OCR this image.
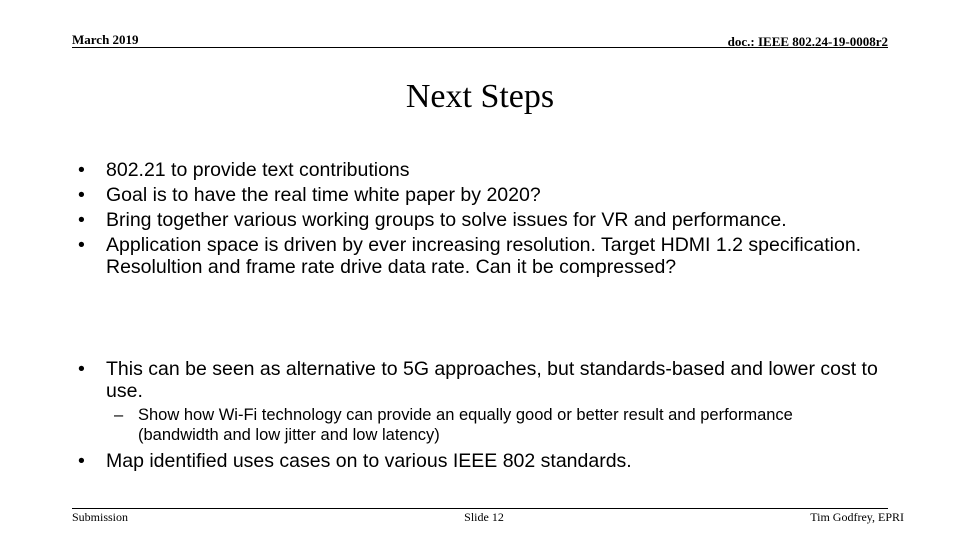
March 2019	doc.: IEEE 802.24-19-0008r2
Next Steps
• 802.21 to provide text contributions
• Goal is to have the real time white paper by 2020?
• Bring together various working groups to solve issues for VR and performance.
• Application space is driven by ever increasing resolution. Target HDMI 1.2 specification. Resolultion and frame rate drive data rate. Can it be compressed?
• This can be seen as alternative to 5G approaches, but standards-based and lower cost to use.
– Show how Wi-Fi technology can provide an equally good or better result and performance (bandwidth and low jitter and low latency)
• Map identified uses cases on to various IEEE 802 standards.
Submission	Slide 12	Tim Godfrey, EPRI
